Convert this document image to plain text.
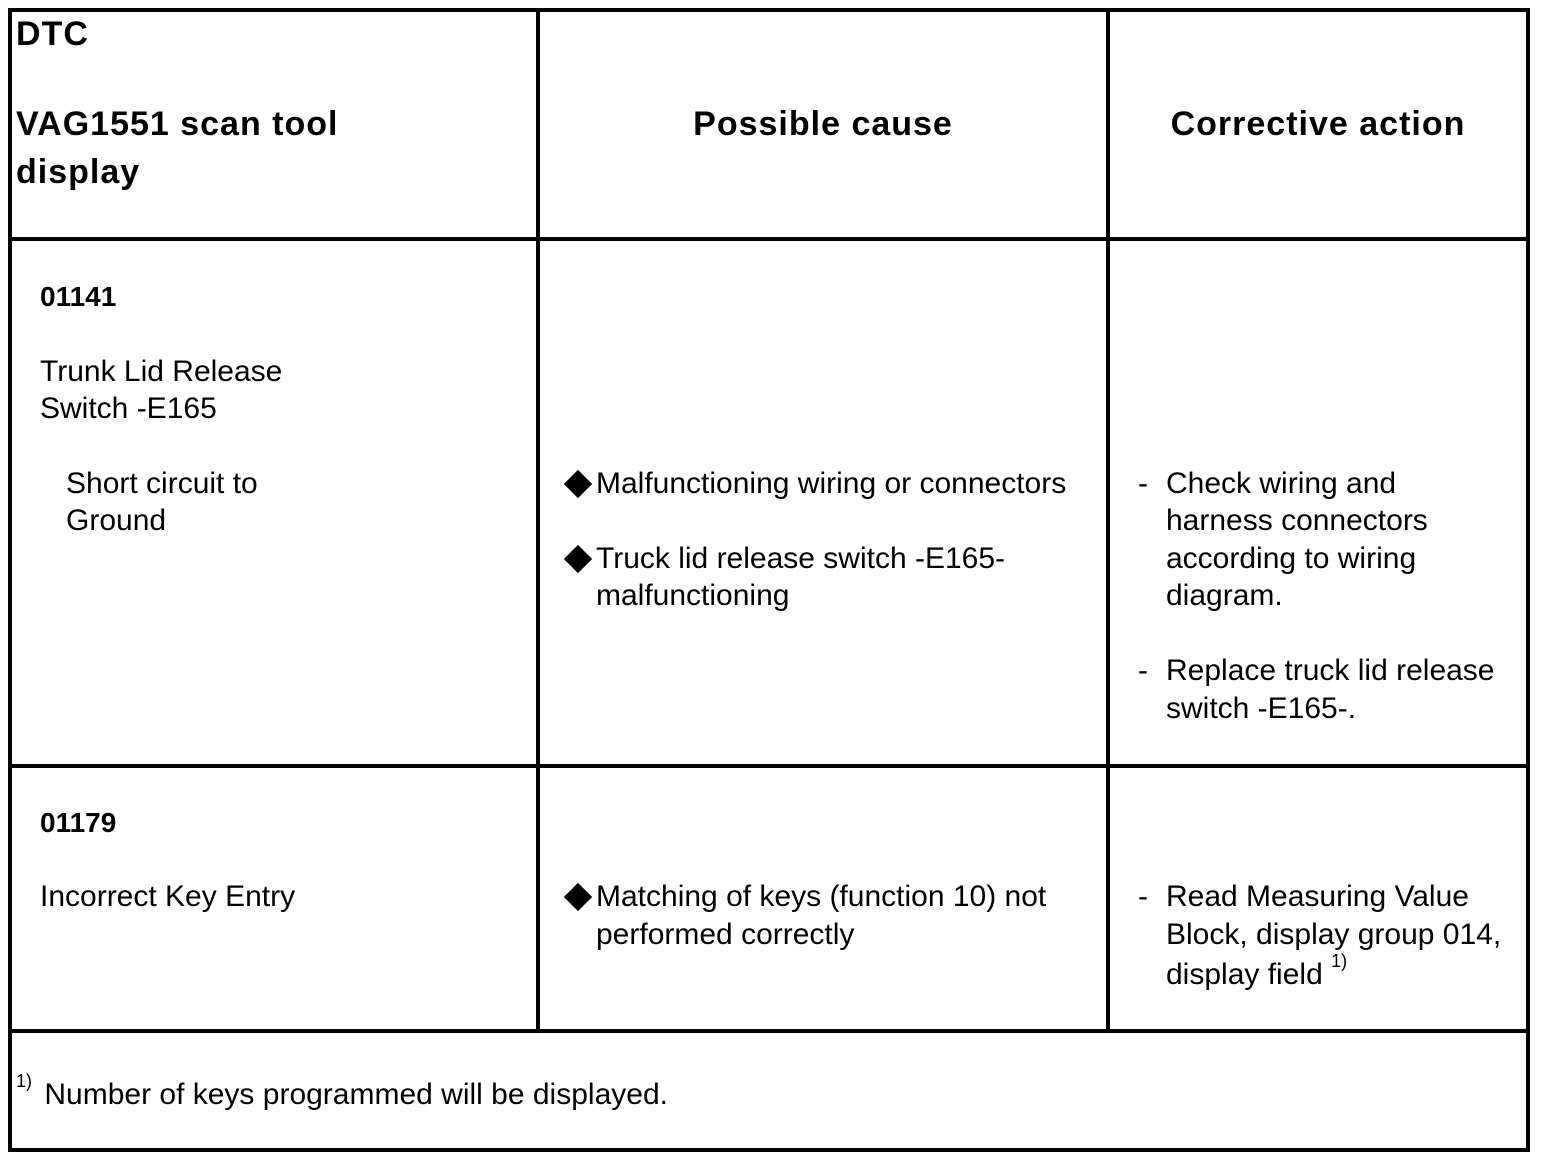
DTC
VAG1551 scan tool
display
Possible cause	Corrective action
01141
Trunk Lid Release
Switch -E165
Short circuit to
Ground
Malfunctioning wiring or connectors
Truck lid release switch -E165-
malfunctioning
- Check wiring and
harness connectors
according to wiring
diagram.
- Replace truck lid release
switch -E165-.
01179
Incorrect Key Entry	Matching of keys (function 10) not
performed correctly
- Read Measuring Value
Block, display group 014,
display field $^{1)}$
$^{1)}$ Number of keys programmed will be displayed.
